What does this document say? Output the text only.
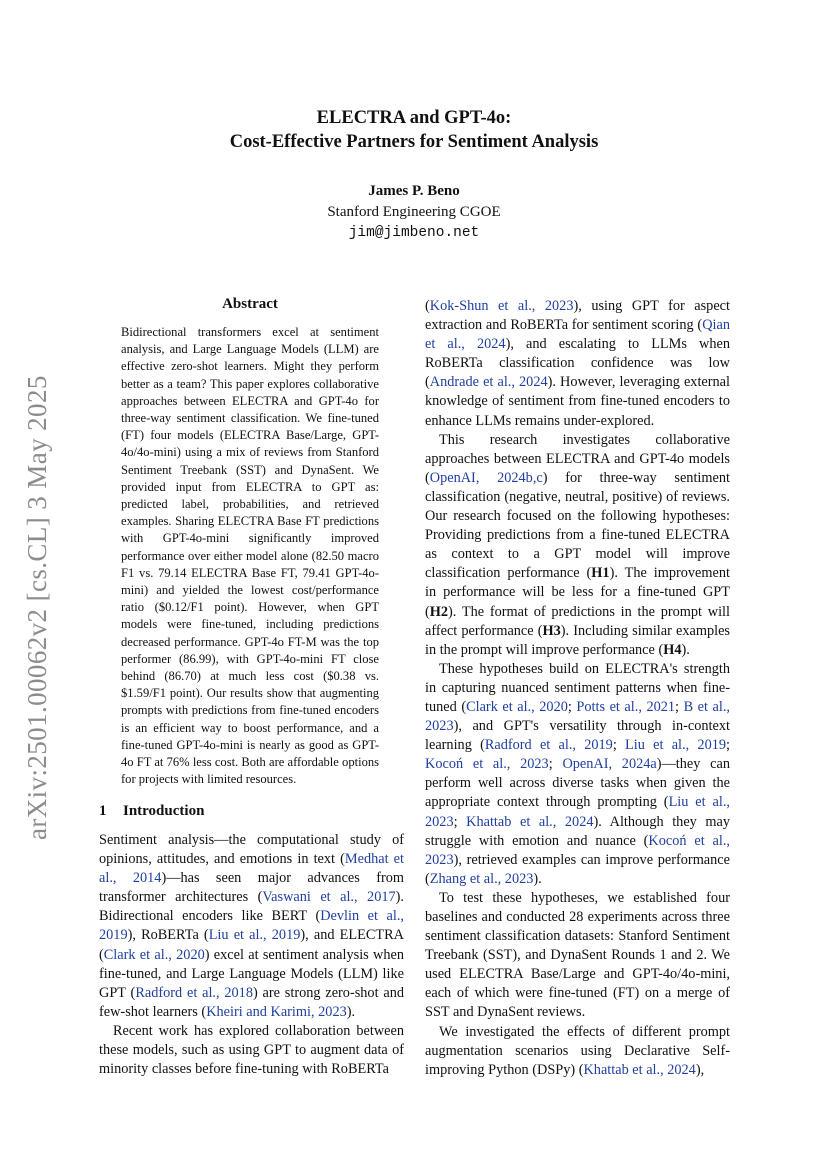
ELECTRA and GPT-4o:
Cost-Effective Partners for Sentiment Analysis
James P. Beno
Stanford Engineering CGOE
jim@jimbeno.net
arXiv:2501.00062v2 [cs.CL] 3 May 2025
Abstract
Bidirectional transformers excel at sentiment analysis, and Large Language Models (LLM) are effective zero-shot learners. Might they perform better as a team? This paper explores collaborative approaches between ELECTRA and GPT-4o for three-way sentiment classification. We fine-tuned (FT) four models (ELECTRA Base/Large, GPT-4o/4o-mini) using a mix of reviews from Stanford Sentiment Treebank (SST) and DynaSent. We provided input from ELECTRA to GPT as: predicted label, probabilities, and retrieved examples. Sharing ELECTRA Base FT predictions with GPT-4o-mini significantly improved performance over either model alone (82.50 macro F1 vs. 79.14 ELECTRA Base FT, 79.41 GPT-4o-mini) and yielded the lowest cost/performance ratio ($0.12/F1 point). However, when GPT models were fine-tuned, including predictions decreased performance. GPT-4o FT-M was the top performer (86.99), with GPT-4o-mini FT close behind (86.70) at much less cost ($0.38 vs. $1.59/F1 point). Our results show that augmenting prompts with predictions from fine-tuned encoders is an efficient way to boost performance, and a fine-tuned GPT-4o-mini is nearly as good as GPT-4o FT at 76% less cost. Both are affordable options for projects with limited resources.
1 Introduction

Sentiment analysis—the computational study of opinions, attitudes, and emotions in text (Medhat et al., 2014)—has seen major advances from transformer architectures (Vaswani et al., 2017). Bidirectional encoders like BERT (Devlin et al., 2019), RoBERTa (Liu et al., 2019), and ELECTRA (Clark et al., 2020) excel at sentiment analysis when fine-tuned, and Large Language Models (LLM) like GPT (Radford et al., 2018) are strong zero-shot and few-shot learners (Kheiri and Karimi, 2023).

Recent work has explored collaboration between these models, such as using GPT to augment data of minority classes before fine-tuning with RoBERTa

(Kok-Shun et al., 2023), using GPT for aspect extraction and RoBERTa for sentiment scoring (Qian et al., 2024), and escalating to LLMs when RoBERTa classification confidence was low (Andrade et al., 2024). However, leveraging external knowledge of sentiment from fine-tuned encoders to enhance LLMs remains under-explored.

This research investigates collaborative approaches between ELECTRA and GPT-4o models (OpenAI, 2024b,c) for three-way sentiment classification (negative, neutral, positive) of reviews. Our research focused on the following hypotheses: Providing predictions from a fine-tuned ELECTRA as context to a GPT model will improve classification performance (H1). The improvement in performance will be less for a fine-tuned GPT (H2). The format of predictions in the prompt will affect performance (H3). Including similar examples in the prompt will improve performance (H4).

These hypotheses build on ELECTRA's strength in capturing nuanced sentiment patterns when fine-tuned (Clark et al., 2020; Potts et al., 2021; B et al., 2023), and GPT's versatility through in-context learning (Radford et al., 2019; Liu et al., 2019; Kocoń et al., 2023; OpenAI, 2024a)—they can perform well across diverse tasks when given the appropriate context through prompting (Liu et al., 2023; Khattab et al., 2024). Although they may struggle with emotion and nuance (Kocoń et al., 2023), retrieved examples can improve performance (Zhang et al., 2023).

To test these hypotheses, we established four baselines and conducted 28 experiments across three sentiment classification datasets: Stanford Sentiment Treebank (SST), and DynaSent Rounds 1 and 2. We used ELECTRA Base/Large and GPT-4o/4o-mini, each of which were fine-tuned (FT) on a merge of SST and DynaSent reviews.

We investigated the effects of different prompt augmentation scenarios using Declarative Self-improving Python (DSPy) (Khattab et al., 2024),
